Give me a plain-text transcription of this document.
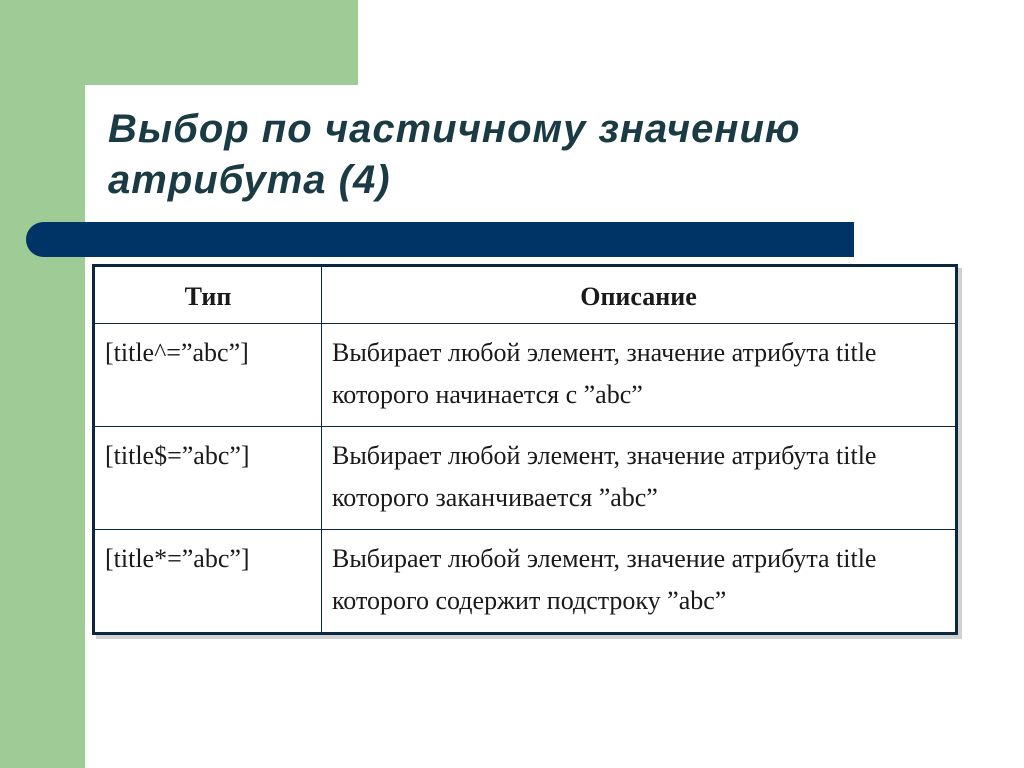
Выбор по частичному значению атрибута (4)
Тип	Описание
[title^=”abc”]	Выбирает любой элемент, значение атрибута title которого начинается с ”abc”
[title$=”abc”]	Выбирает любой элемент, значение атрибута title которого заканчивается ”abc”
[title*=”abc”]	Выбирает любой элемент, значение атрибута title которого содержит подстроку ”abc”
